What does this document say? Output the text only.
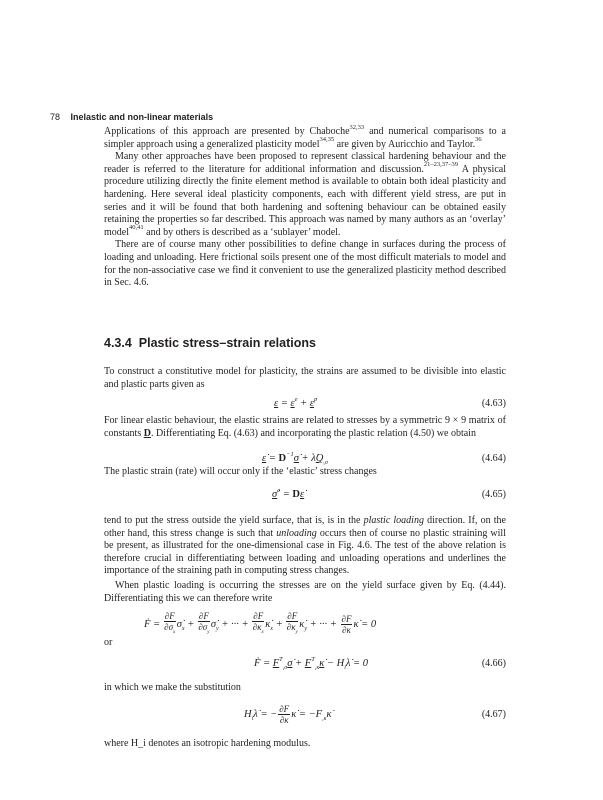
78 Inelastic and non-linear materials

Applications of this approach are presented by Chaboche$^{32,33}$ and numerical comparisons to a simpler approach using a generalized plasticity model$^{34,35}$ are given by Auricchio and Taylor.$^{36}$

Many other approaches have been proposed to represent classical hardening behaviour and the reader is referred to the literature for additional information and discussion.$^{21-23,37-39}$ A physical procedure utilizing directly the finite element method is available to obtain both ideal plasticity and hardening. Here several ideal plasticity components, each with different yield stress, are put in series and it will be found that both hardening and softening behaviour can be obtained easily retaining the properties so far described. This approach was named by many authors as an ‘overlay’ model$^{40,41}$ and by others is described as a ‘sublayer’ model.

There are of course many other possibilities to define change in surfaces during the process of loading and unloading. Here frictional soils present one of the most difficult materials to model and for the non-associative case we find it convenient to use the generalized plasticity method described in Sec. 4.6.

4.3.4 Plastic stress–strain relations
To construct a constitutive model for plasticity, the strains are assumed to be divisible into elastic and plastic parts given as
$\varepsilon = \varepsilon^e + \varepsilon^p$	(4.63)
For linear elastic behaviour, the elastic strains are related to stresses by a symmetric 9 × 9 matrix of constants D. Differentiating Eq. (4.63) and incorporating the plastic relation (4.50) we obtain
ε̇ = $D^{-1}\sigmȧ$ + $\lambdȧQ_{,\sigma}$	(4.64)
The plastic strain (rate) will occur only if the ‘elastic’ stress changes
σ̇$^e$ = Dε̇	(4.65)
tend to put the stress outside the yield surface, that is, is in the plastic loading direction. If, on the other hand, this stress change is such that unloading occurs then of course no plastic straining will be present, as illustrated for the one-dimensional case in Fig. 4.6. The test of the above relation is therefore crucial in differentiating between loading and unloading operations and underlines the importance of the straining path in computing stress changes.
When plastic loading is occurring the stresses are on the yield surface given by Eq. (4.44). Differentiating this we can therefore write
Ḟ = $\frac{\partial F}{\partial\sigma_x}$ $\sigmȧ_x + \frac{\partial F}{\partial\sigma_y}$ $\sigmȧ_y$ + ··· + $\frac{\partial F}{\partial\kappa_x}$ $\kappȧ_x + \frac{\partial F}{\partial\kappa_y}$ $\kappȧ_y$ + ··· + $\frac{\partial F}{\partial\kappa}$ κ̇ = 0
or
Ḟ = $F^T_{,\sigma}\sigmȧ$ + $F^T_{,\kappa}\kappȧ$ − $H_i\lambdȧ = 0$	(4.66)
in which we make the substitution
$H_i\lambdȧ$ = − $\frac{\partial F}{\partial\kappa}$ κ̇ = $-F_{,\kappa}\kappȧ$	(4.67)
where H_i denotes an isotropic hardening modulus.
